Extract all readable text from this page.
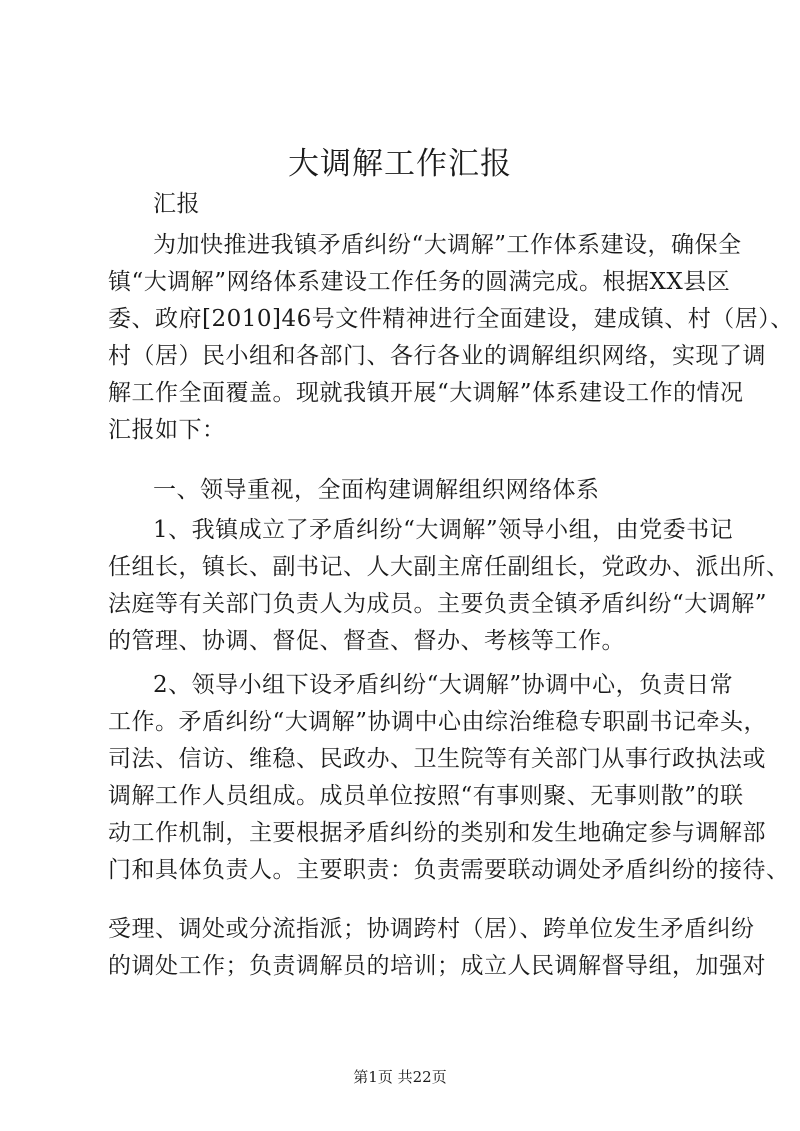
大调解工作汇报
汇报
为加快推进我镇矛盾纠纷“大调解”工作体系建设，确保全
镇“大调解”网络体系建设工作任务的圆满完成。根据XX县区
委、政府[2010]46号文件精神进行全面建设，建成镇、村（居）、
村（居）民小组和各部门、各行各业的调解组织网络，实现了调
解工作全面覆盖。现就我镇开展“大调解”体系建设工作的情况
汇报如下：
一、领导重视，全面构建调解组织网络体系
1、我镇成立了矛盾纠纷“大调解”领导小组，由党委书记
任组长，镇长、副书记、人大副主席任副组长，党政办、派出所、
法庭等有关部门负责人为成员。主要负责全镇矛盾纠纷“大调解”
的管理、协调、督促、督查、督办、考核等工作。
2、领导小组下设矛盾纠纷“大调解”协调中心，负责日常
工作。矛盾纠纷“大调解”协调中心由综治维稳专职副书记牵头，
司法、信访、维稳、民政办、卫生院等有关部门从事行政执法或
调解工作人员组成。成员单位按照“有事则聚、无事则散”的联
动工作机制，主要根据矛盾纠纷的类别和发生地确定参与调解部
门和具体负责人。主要职责：负责需要联动调处矛盾纠纷的接待、
受理、调处或分流指派；协调跨村（居）、跨单位发生矛盾纠纷
的调处工作；负责调解员的培训；成立人民调解督导组，加强对
第1页 共22页
